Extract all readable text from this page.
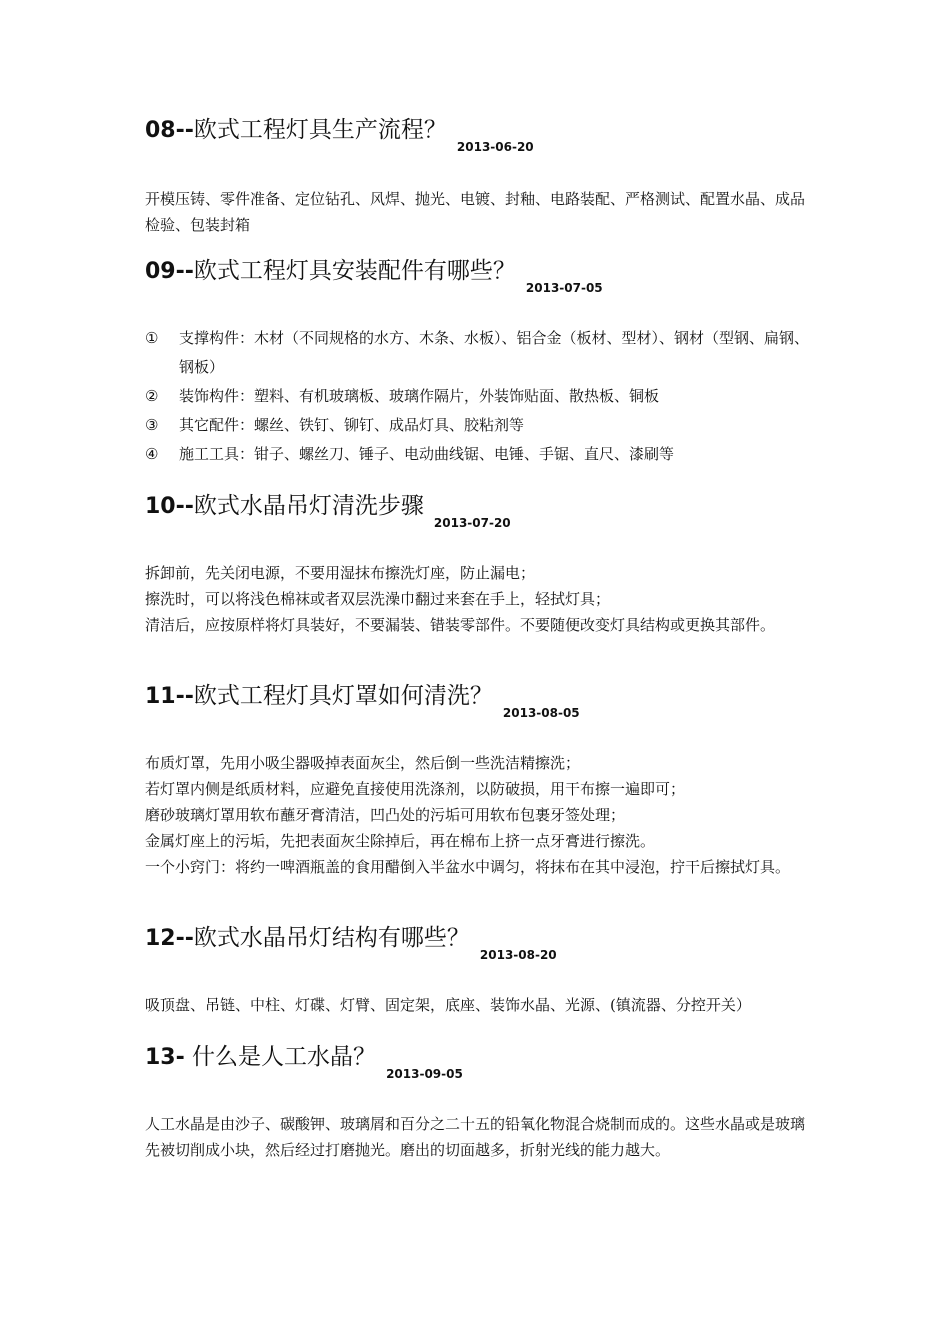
08--欧式工程灯具生产流程？$_{2013-06-20}$

开模压铸、零件准备、定位钻孔、风焊、抛光、电镀、封釉、电路装配、严格测试、配置水晶、成品检验、包装封箱

09--欧式工程灯具安装配件有哪些？$_{2013-07-05}$
① 支撑构件：木材（不同规格的水方、木条、水板）、铝合金（板材、型材）、钢材（型钢、扁钢、钢板）
② 装饰构件：塑料、有机玻璃板、玻璃作隔片，外装饰贴面、散热板、铜板
③ 其它配件：螺丝、铁钉、铆钉、成品灯具、胶粘剂等
④ 施工工具：钳子、螺丝刀、锤子、电动曲线锯、电锤、手锯、直尺、漆刷等
10--欧式水晶吊灯清洗步骤$_{2013-07-20}$

拆卸前，先关闭电源，不要用湿抹布擦洗灯座，防止漏电；

擦洗时，可以将浅色棉袜或者双层洗澡巾翻过来套在手上，轻拭灯具；

清洁后，应按原样将灯具装好，不要漏装、错装零部件。不要随便改变灯具结构或更换其部件。

11--欧式工程灯具灯罩如何清洗？$_{2013-08-05}$

布质灯罩，先用小吸尘器吸掉表面灰尘，然后倒一些洗洁精擦洗；

若灯罩内侧是纸质材料，应避免直接使用洗涤剂，以防破损，用干布擦一遍即可；

磨砂玻璃灯罩用软布蘸牙膏清洁，凹凸处的污垢可用软布包裹牙签处理；

金属灯座上的污垢，先把表面灰尘除掉后，再在棉布上挤一点牙膏进行擦洗。

一个小窍门：将约一啤酒瓶盖的食用醋倒入半盆水中调匀，将抹布在其中浸泡，拧干后擦拭灯具。

12--欧式水晶吊灯结构有哪些？$_{2013-08-20}$

吸顶盘、吊链、中柱、灯碟、灯臂、固定架，底座、装饰水晶、光源、(镇流器、分控开关）

13- 什么是人工水晶？$_{2013-09-05}$

人工水晶是由沙子、碳酸钾、玻璃屑和百分之二十五的铅氧化物混合烧制而成的。这些水晶或是玻璃先被切削成小块，然后经过打磨抛光。磨出的切面越多，折射光线的能力越大。
